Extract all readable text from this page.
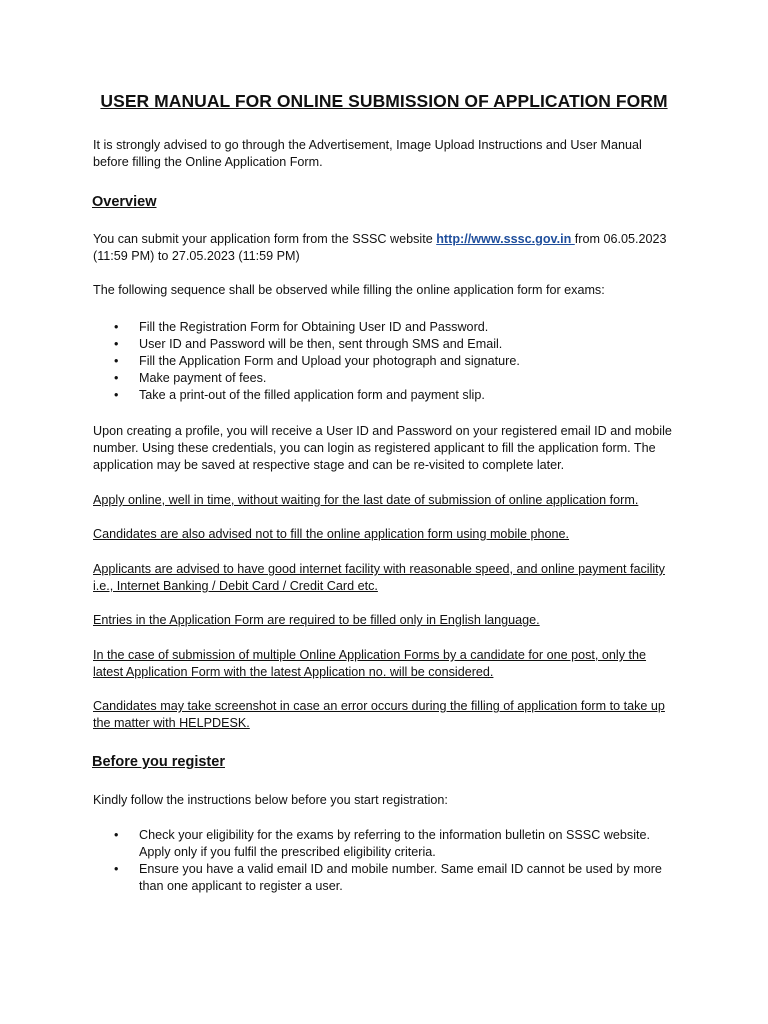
USER MANUAL FOR ONLINE SUBMISSION OF APPLICATION FORM
It is strongly advised to go through the Advertisement, Image Upload Instructions and User Manual before filling the Online Application Form.
Overview
You can submit your application form from the SSSC website http://www.sssc.gov.in from 06.05.2023 (11:59 PM) to 27.05.2023 (11:59 PM)
The following sequence shall be observed while filling the online application form for exams:
• Fill the Registration Form for Obtaining User ID and Password.
• User ID and Password will be then, sent through SMS and Email.
• Fill the Application Form and Upload your photograph and signature.
• Make payment of fees.
• Take a print-out of the filled application form and payment slip.
Upon creating a profile, you will receive a User ID and Password on your registered email ID and mobile number. Using these credentials, you can login as registered applicant to fill the application form. The application may be saved at respective stage and can be re-visited to complete later.
Apply online, well in time, without waiting for the last date of submission of online application form.
Candidates are also advised not to fill the online application form using mobile phone.
Applicants are advised to have good internet facility with reasonable speed, and online payment facility i.e., Internet Banking / Debit Card / Credit Card etc.
Entries in the Application Form are required to be filled only in English language.
In the case of submission of multiple Online Application Forms by a candidate for one post, only the latest Application Form with the latest Application no. will be considered.
Candidates may take screenshot in case an error occurs during the filling of application form to take up the matter with HELPDESK.
Before you register
Kindly follow the instructions below before you start registration:
• Check your eligibility for the exams by referring to the information bulletin on SSSC website. Apply only if you fulfil the prescribed eligibility criteria.
• Ensure you have a valid email ID and mobile number. Same email ID cannot be used by more than one applicant to register a user.
